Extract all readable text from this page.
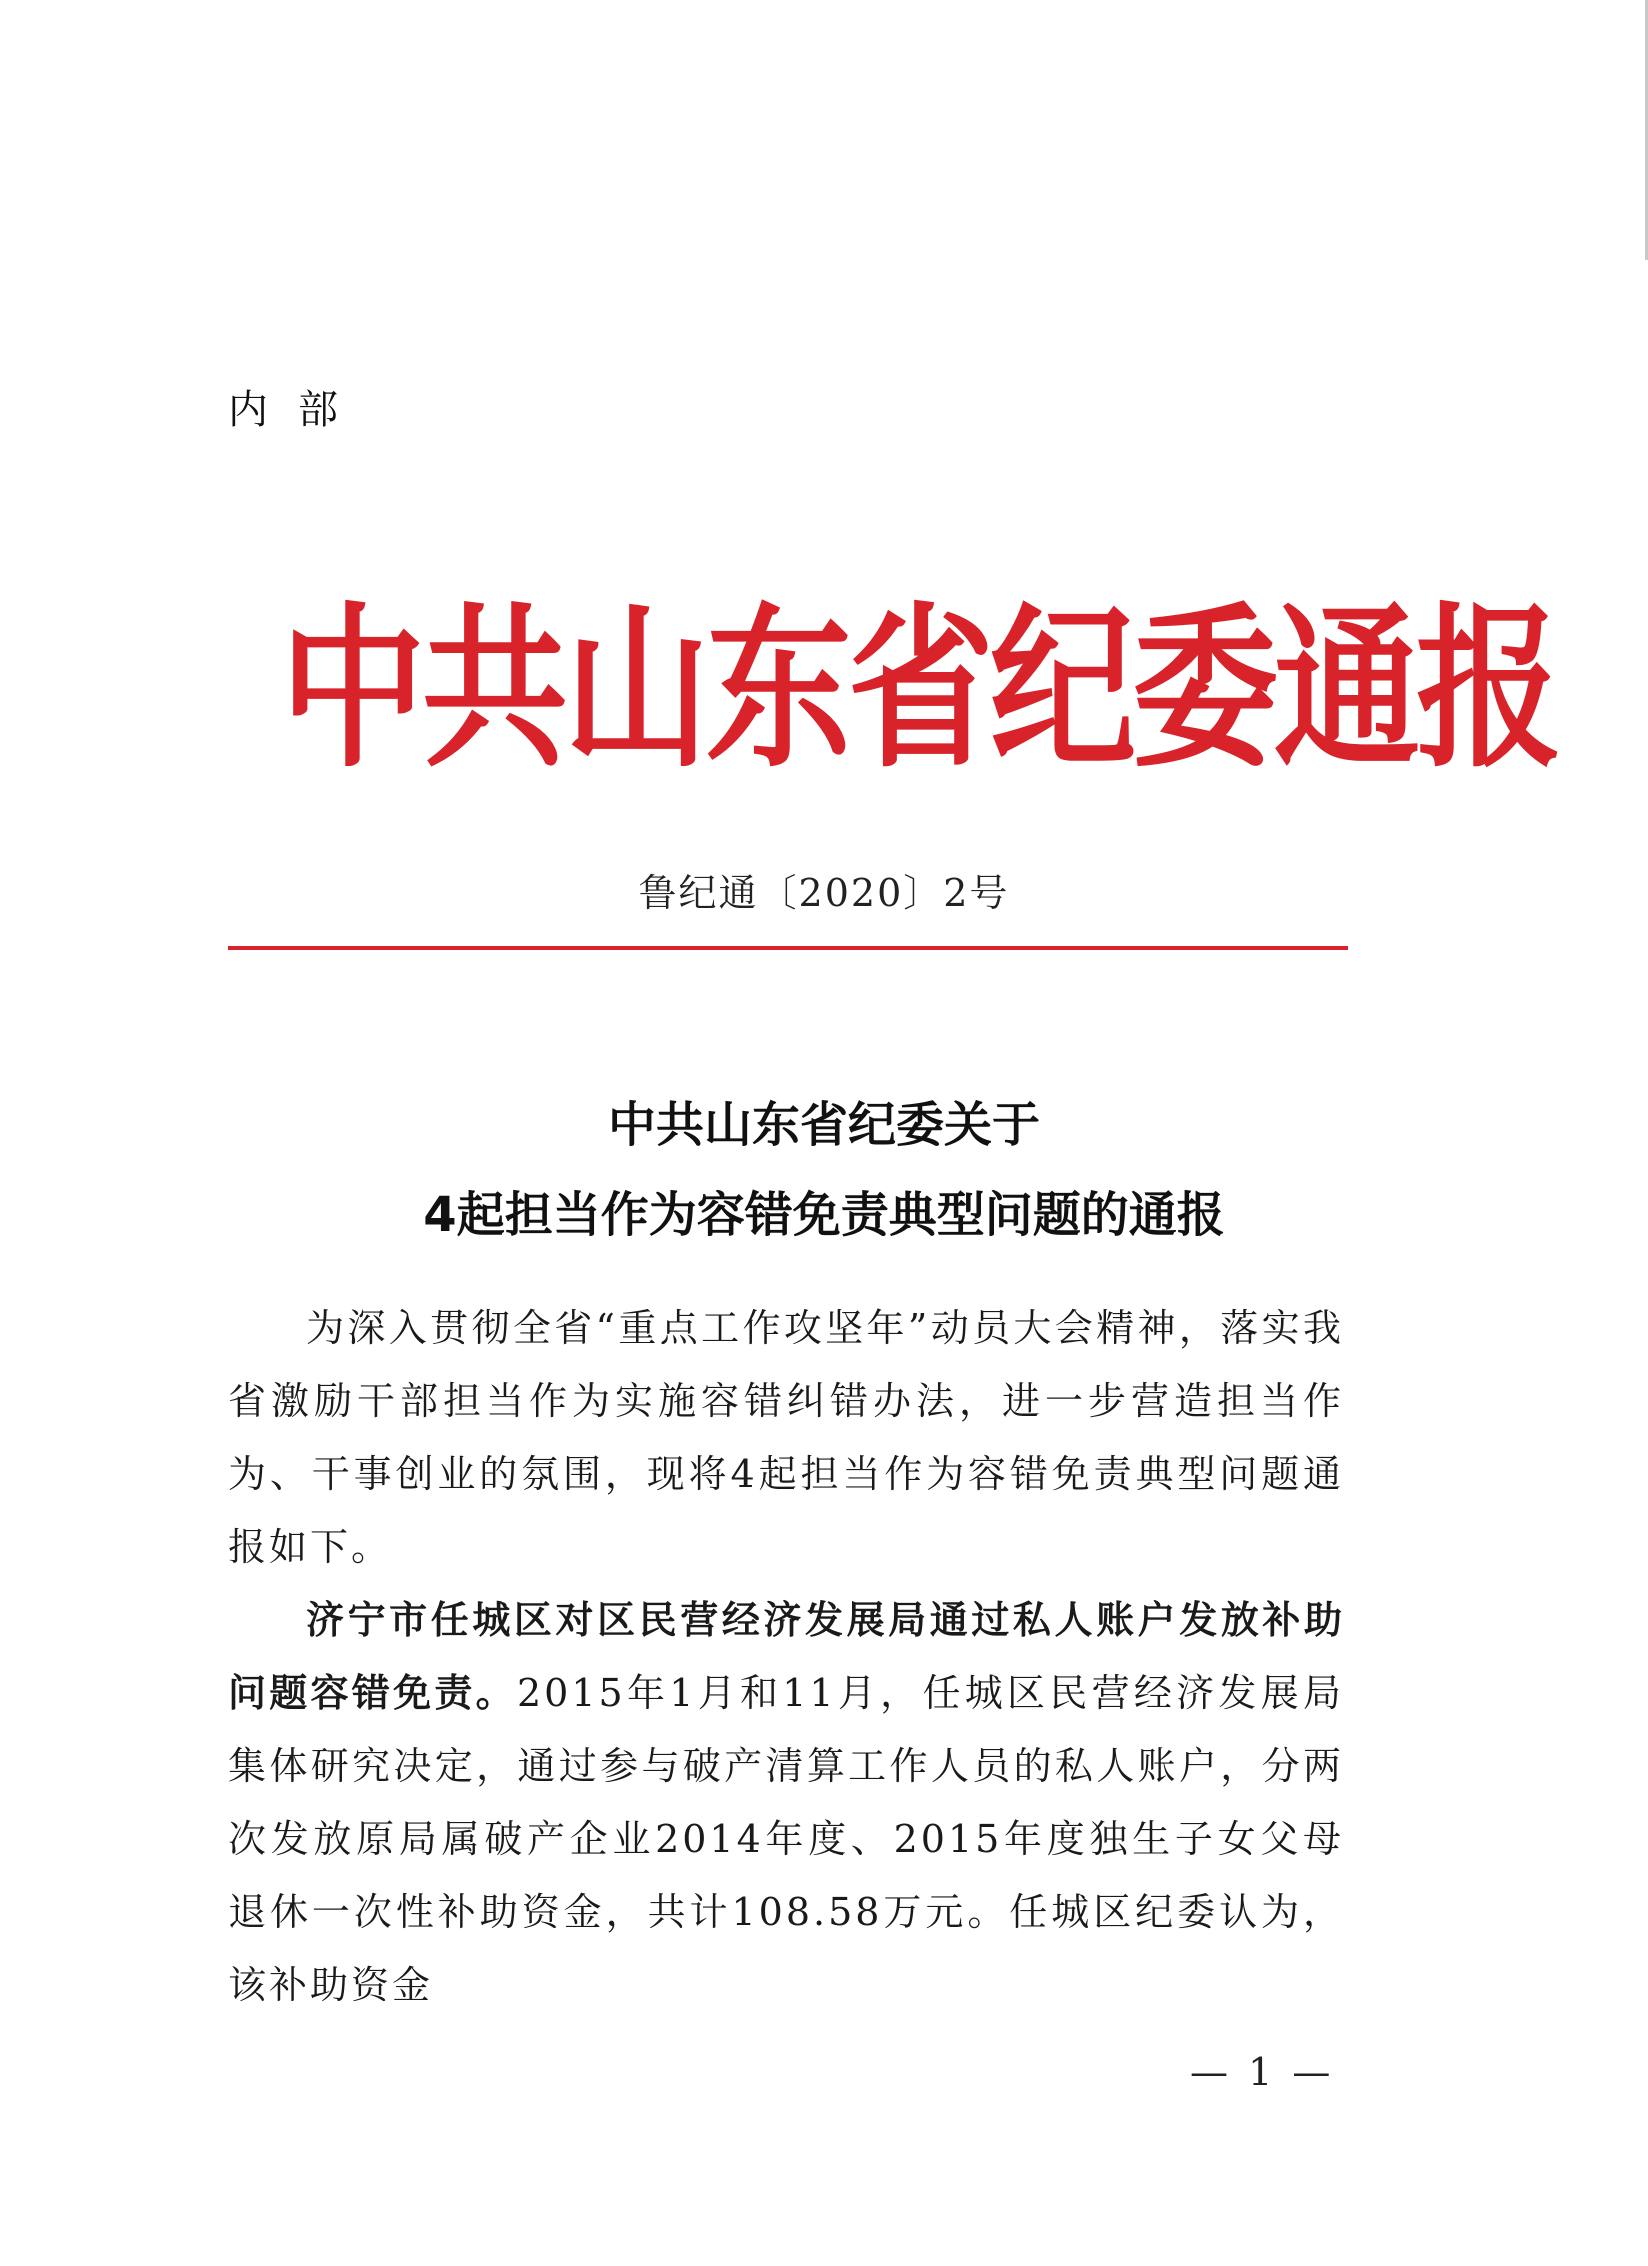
内部
中共山东省纪委通报
鲁纪通〔2020〕2号
中共山东省纪委关于
4起担当作为容错免责典型问题的通报

为深入贯彻全省“重点工作攻坚年”动员大会精神，落实我省激励干部担当作为实施容错纠错办法，进一步营造担当作为、干事创业的氛围，现将4起担当作为容错免责典型问题通报如下。

济宁市任城区对区民营经济发展局通过私人账户发放补助问题容错免责。2015年1月和11月，任城区民营经济发展局集体研究决定，通过参与破产清算工作人员的私人账户，分两次发放原局属破产企业2014年度、2015年度独生子女父母退休一次性补助资金，共计108.58万元。任城区纪委认为，该补助资金

— 1 —
